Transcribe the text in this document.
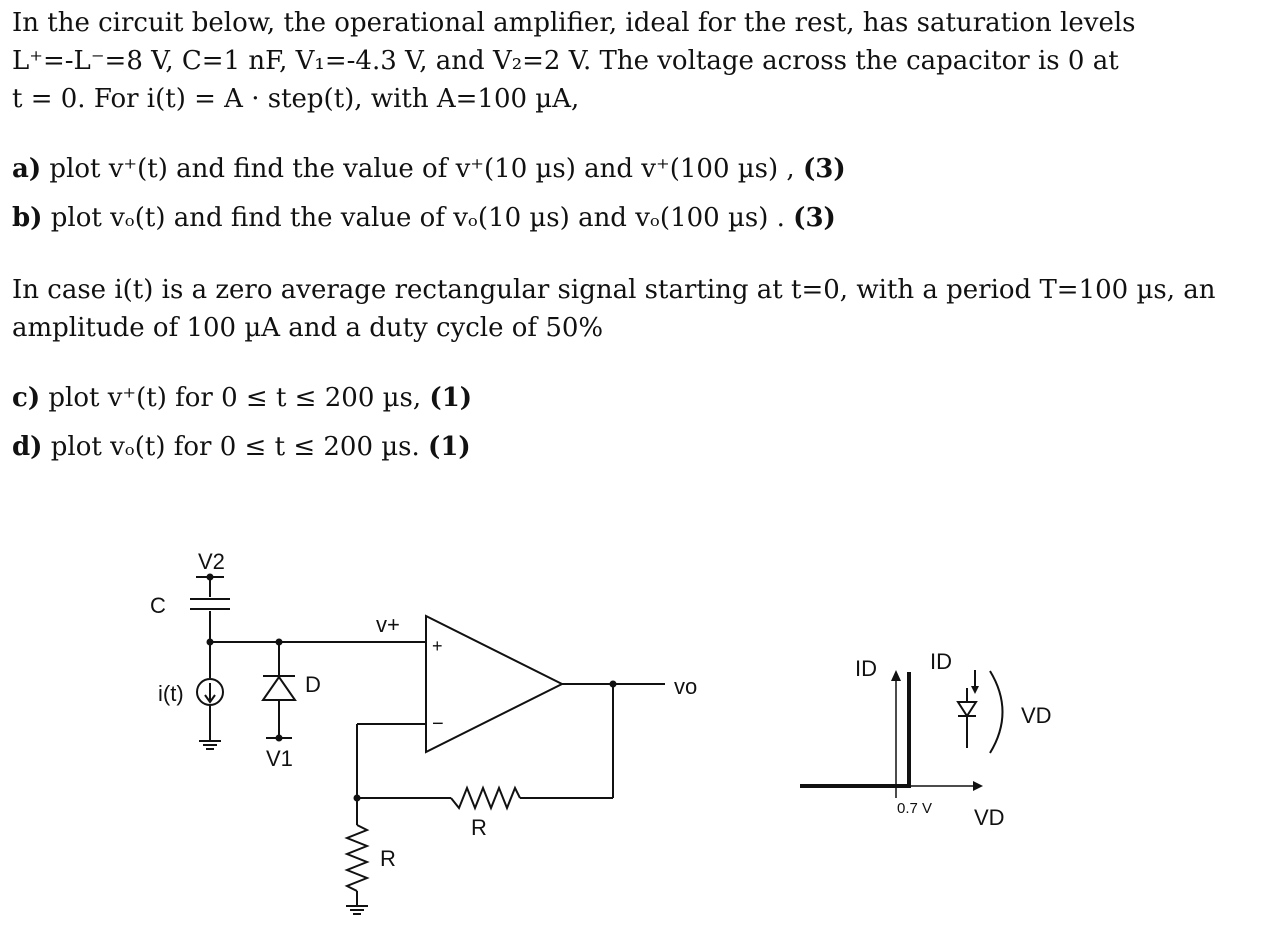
In the circuit below, the operational amplifier, ideal for the rest, has saturation levels
L⁺=-L⁻=8 V, C=1 nF, V₁=-4.3 V, and V₂=2 V. The voltage across the capacitor is 0 at
t = 0. For i(t) = A · step(t), with A=100 µA,
a) plot v⁺(t) and find the value of v⁺(10 µs) and v⁺(100 µs) , (3)
b) plot vₒ(t) and find the value of vₒ(10 µs) and vₒ(100 µs) . (3)
In case i(t) is a zero average rectangular signal starting at t=0, with a period T=100 µs, an
amplitude of 100 µA and a duty cycle of 50%
c) plot v⁺(t) for 0 ≤ t ≤ 200 µs, (1)
d) plot vₒ(t) for 0 ≤ t ≤ 200 µs. (1)
V2
C
v+
+
−
i(t)	D
V1
vo
R
R
ID ID
VD
0.7 V VD
